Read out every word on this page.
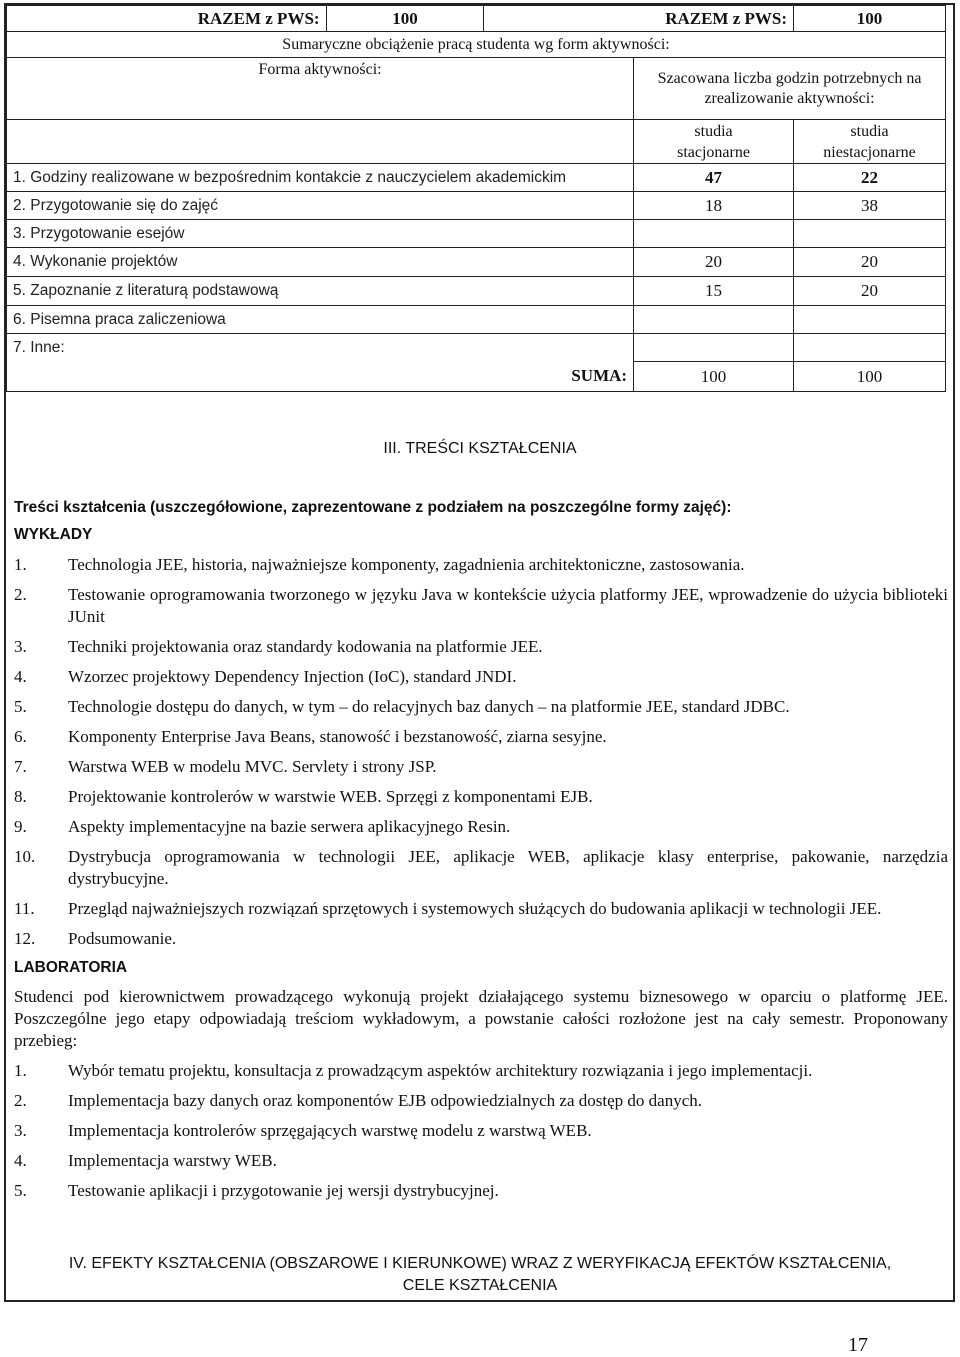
RAZEM z PWS:	100	RAZEM z PWS:		100
Sumaryczne obciążenie pracą studenta wg form aktywności:				
Forma aktywności:			Szacowana liczba godzin potrzebnych na zrealizowanie aktywności:	
			studia stacjonarne	studia niestacjonarne
1. Godziny realizowane w bezpośrednim kontakcie z nauczycielem akademickim			47	22
2. Przygotowanie się do zajęć			18	38
3. Przygotowanie esejów				
4. Wykonanie projektów			20	20
5. Zapoznanie z literaturą podstawową			15	20
6. Pisemna praca zaliczeniowa				
7. Inne:				
SUMA:			100	100
III. TREŚCI KSZTAŁCENIA
Treści kształcenia (uszczegółowione, zaprezentowane z podziałem na poszczególne formy zajęć):
WYKŁADY
1.	Technologia JEE, historia, najważniejsze komponenty, zagadnienia architektoniczne, zastosowania.
2.	Testowanie oprogramowania tworzonego w języku Java w kontekście użycia platformy JEE, wprowadzenie do użycia biblioteki JUnit
3.	Techniki projektowania oraz standardy kodowania na platformie JEE.
4.	Wzorzec projektowy Dependency Injection (IoC), standard JNDI.
5.	Technologie dostępu do danych, w tym – do relacyjnych baz danych – na platformie JEE, standard JDBC.
6.	Komponenty Enterprise Java Beans, stanowość i bezstanowość, ziarna sesyjne.
7.	Warstwa WEB w modelu MVC. Servlety i strony JSP.
8.	Projektowanie kontrolerów w warstwie WEB. Sprzęgi z komponentami EJB.
9.	Aspekty implementacyjne na bazie serwera aplikacyjnego Resin.
10.	Dystrybucja oprogramowania w technologii JEE, aplikacje WEB, aplikacje klasy enterprise, pakowanie, narzędzia dystrybucyjne.
11.	Przegląd najważniejszych rozwiązań sprzętowych i systemowych służących do budowania aplikacji w technologii JEE.
12.	Podsumowanie.
LABORATORIA
Studenci pod kierownictwem prowadzącego wykonują projekt działającego systemu biznesowego w oparciu o platformę JEE. Poszczególne jego etapy odpowiadają treściom wykładowym, a powstanie całości rozłożone jest na cały semestr. Proponowany przebieg:
1.	Wybór tematu projektu, konsultacja z prowadzącym aspektów architektury rozwiązania i jego implementacji.
2.	Implementacja bazy danych oraz komponentów EJB odpowiedzialnych za dostęp do danych.
3.	Implementacja kontrolerów sprzęgających warstwę modelu z warstwą WEB.
4.	Implementacja warstwy WEB.
5.	Testowanie aplikacji i przygotowanie jej wersji dystrybucyjnej.
IV. EFEKTY KSZTAŁCENIA (OBSZAROWE I KIERUNKOWE) WRAZ Z WERYFIKACJĄ EFEKTÓW KSZTAŁCENIA, CELE KSZTAŁCENIA
17
